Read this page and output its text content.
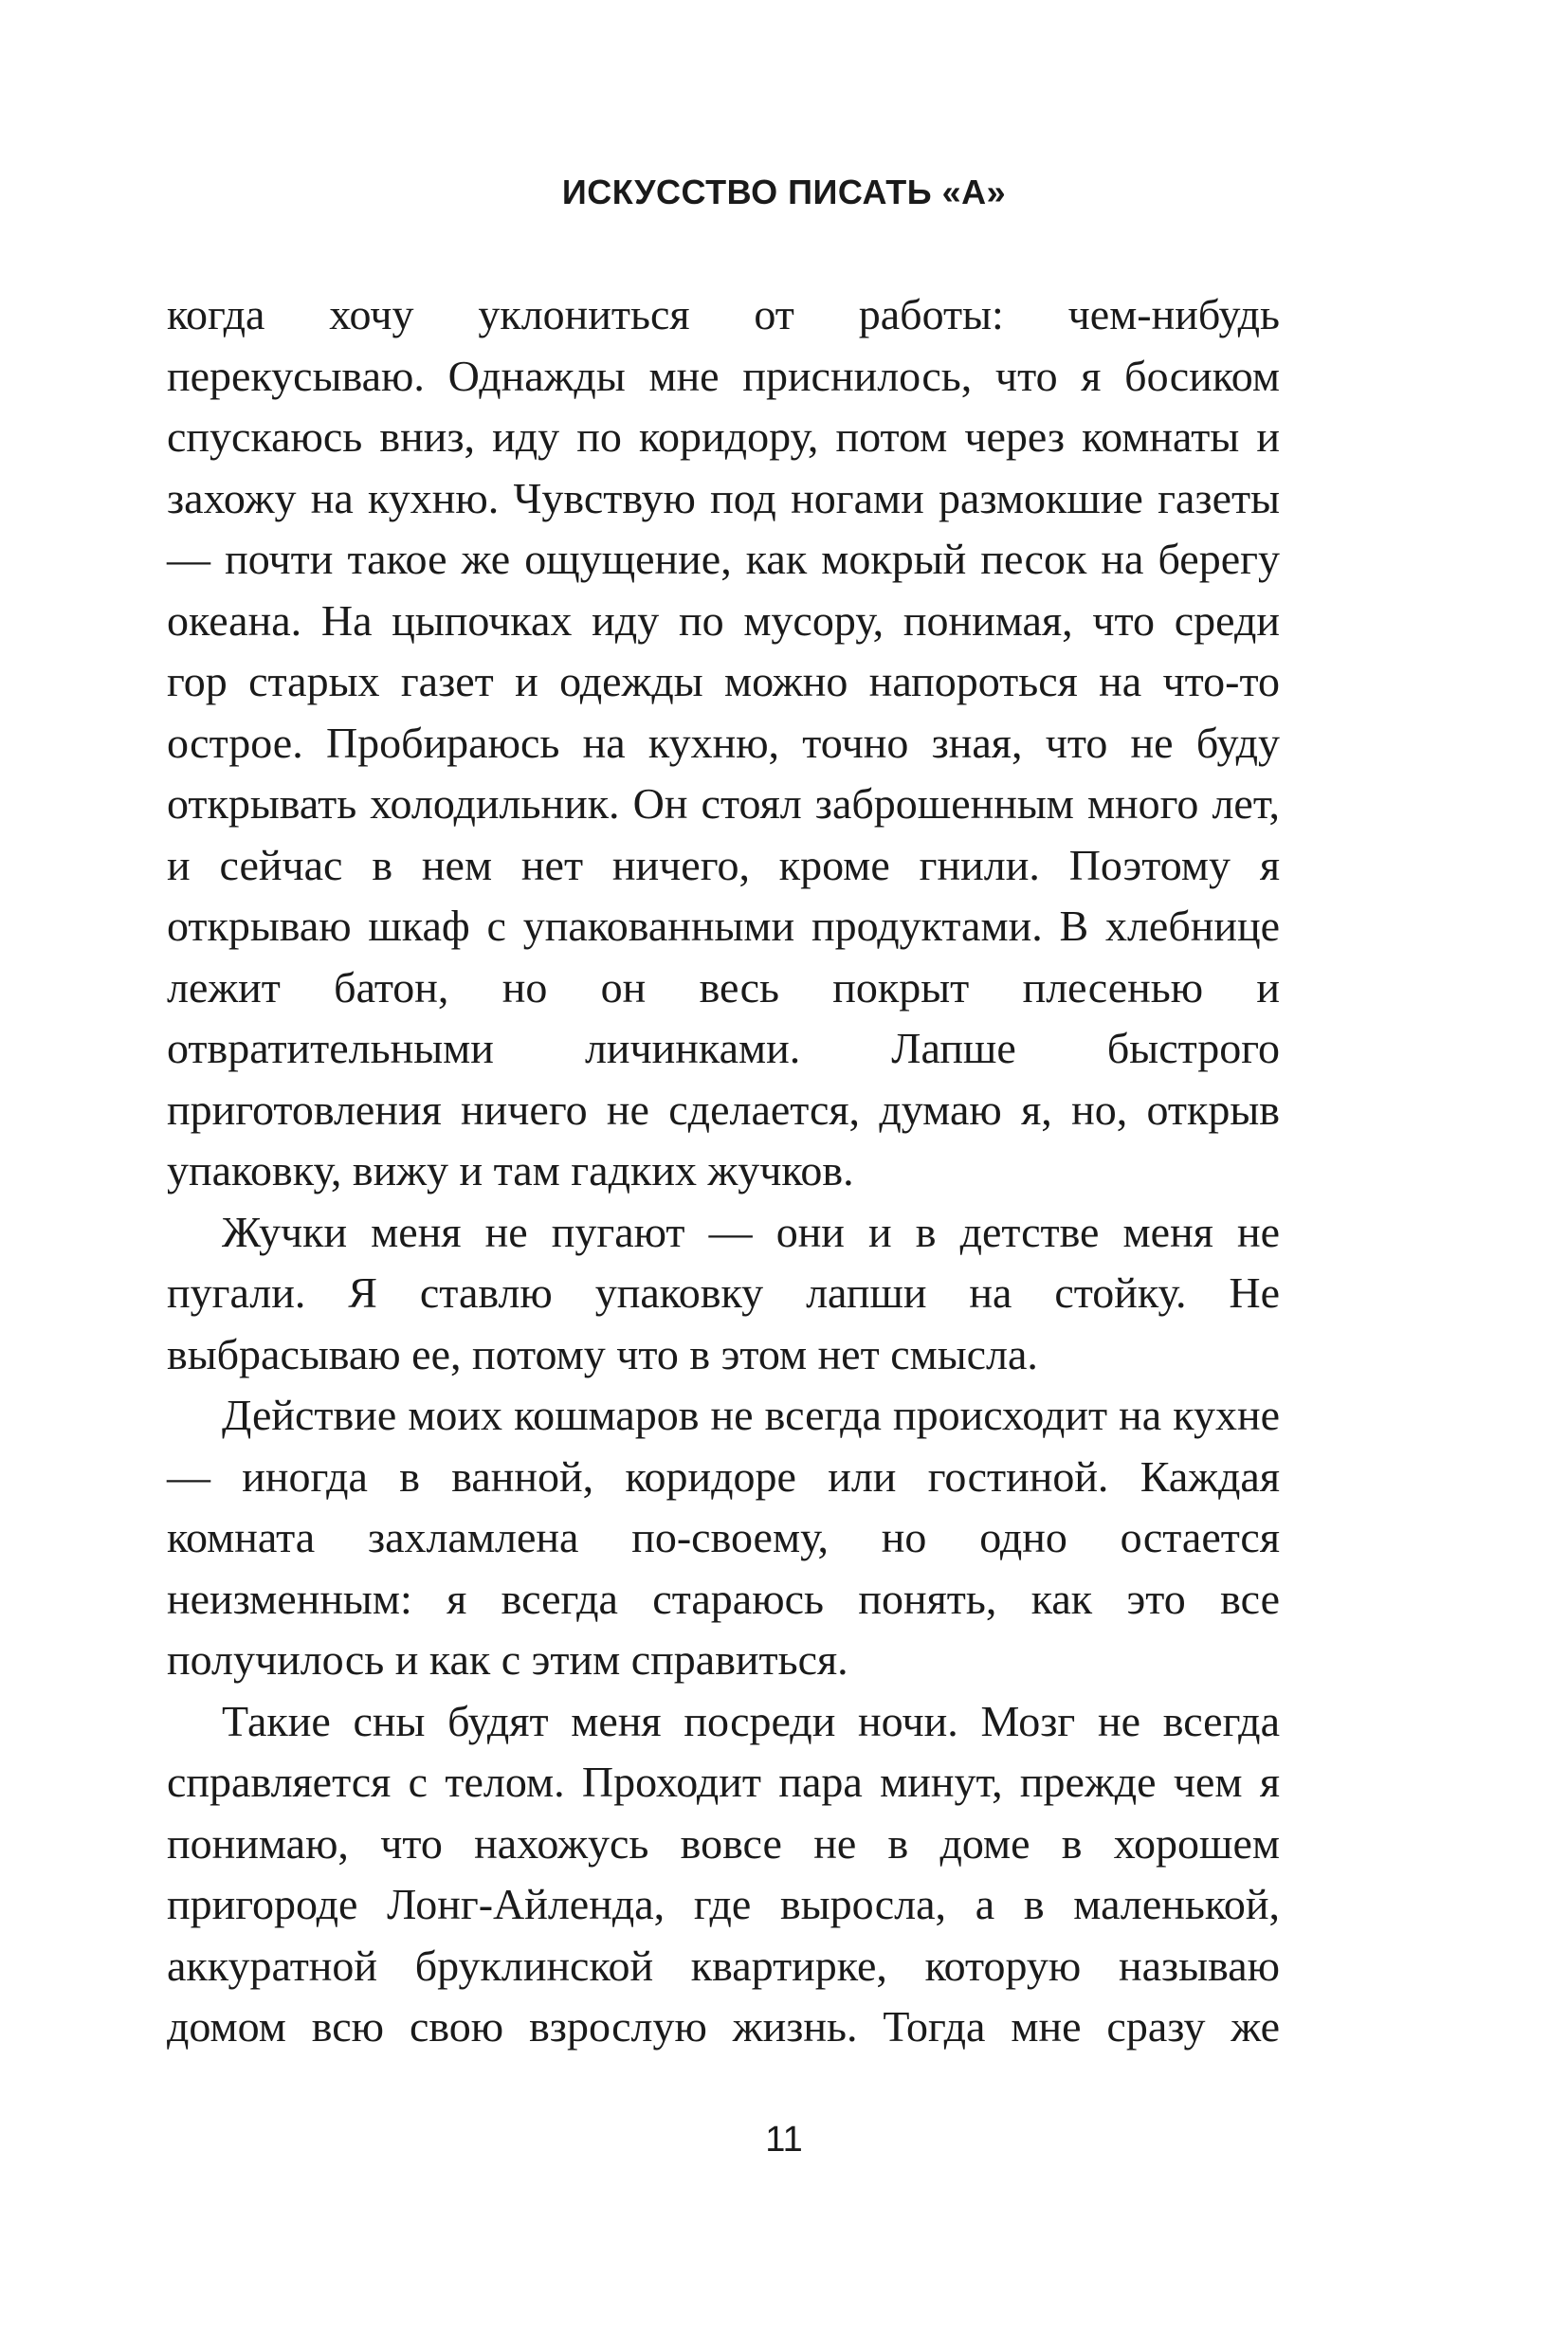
ИСКУССТВО ПИСАТЬ «А»

когда хочу уклониться от работы: чем-нибудь перекусываю. Однажды мне приснилось, что я босиком спускаюсь вниз, иду по коридору, потом через комнаты и захожу на кухню. Чувствую под ногами размокшие газеты — почти такое же ощущение, как мокрый песок на берегу океана. На цыпочках иду по мусору, понимая, что среди гор старых газет и одежды можно напороться на что-то острое. Пробираюсь на кухню, точно зная, что не буду открывать холодильник. Он стоял заброшенным много лет, и сейчас в нем нет ничего, кроме гнили. Поэтому я открываю шкаф с упакованными продуктами. В хлебнице лежит батон, но он весь покрыт плесенью и отвратительными личинками. Лапше быстрого приготовления ничего не сделается, думаю я, но, открыв упаковку, вижу и там гадких жучков.

Жучки меня не пугают — они и в детстве меня не пугали. Я ставлю упаковку лапши на стойку. Не выбрасываю ее, потому что в этом нет смысла.

Действие моих кошмаров не всегда происходит на кухне — иногда в ванной, коридоре или гостиной. Каждая комната захламлена по-своему, но одно остается неизменным: я всегда стараюсь понять, как это все получилось и как с этим справиться.

Такие сны будят меня посреди ночи. Мозг не всегда справляется с телом. Проходит пара минут, прежде чем я понимаю, что нахожусь вовсе не в доме в хорошем пригороде Лонг-Айленда, где выросла, а в маленькой, аккуратной бруклинской квартирке, которую называю домом всю свою взрослую жизнь. Тогда мне сразу же

11
